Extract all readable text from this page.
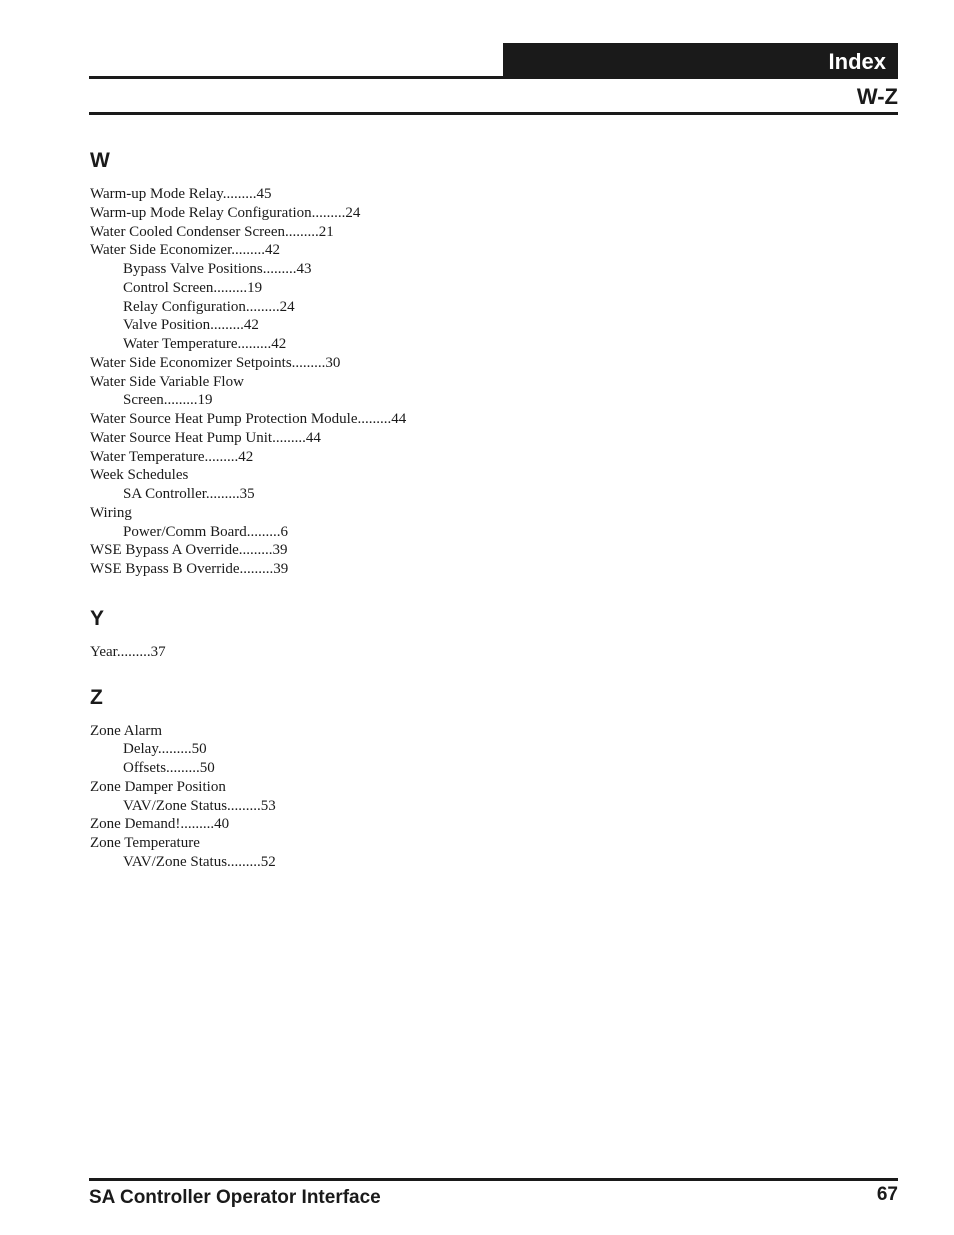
Index
W-Z
W
Warm-up Mode Relay.........45
Warm-up Mode Relay Configuration.........24
Water Cooled Condenser Screen.........21
Water Side Economizer.........42
Bypass Valve Positions.........43
Control Screen.........19
Relay Configuration.........24
Valve Position.........42
Water Temperature.........42
Water Side Economizer Setpoints.........30
Water Side Variable Flow
Screen.........19
Water Source Heat Pump Protection Module.........44
Water Source Heat Pump Unit.........44
Water Temperature.........42
Week Schedules
SA Controller.........35
Wiring
Power/Comm Board.........6
WSE Bypass A Override.........39
WSE Bypass B Override.........39
Y
Year.........37
Z
Zone Alarm
Delay.........50
Offsets.........50
Zone Damper Position
VAV/Zone Status.........53
Zone Demand!.........40
Zone Temperature
VAV/Zone Status.........52
SA Controller Operator Interface	67
